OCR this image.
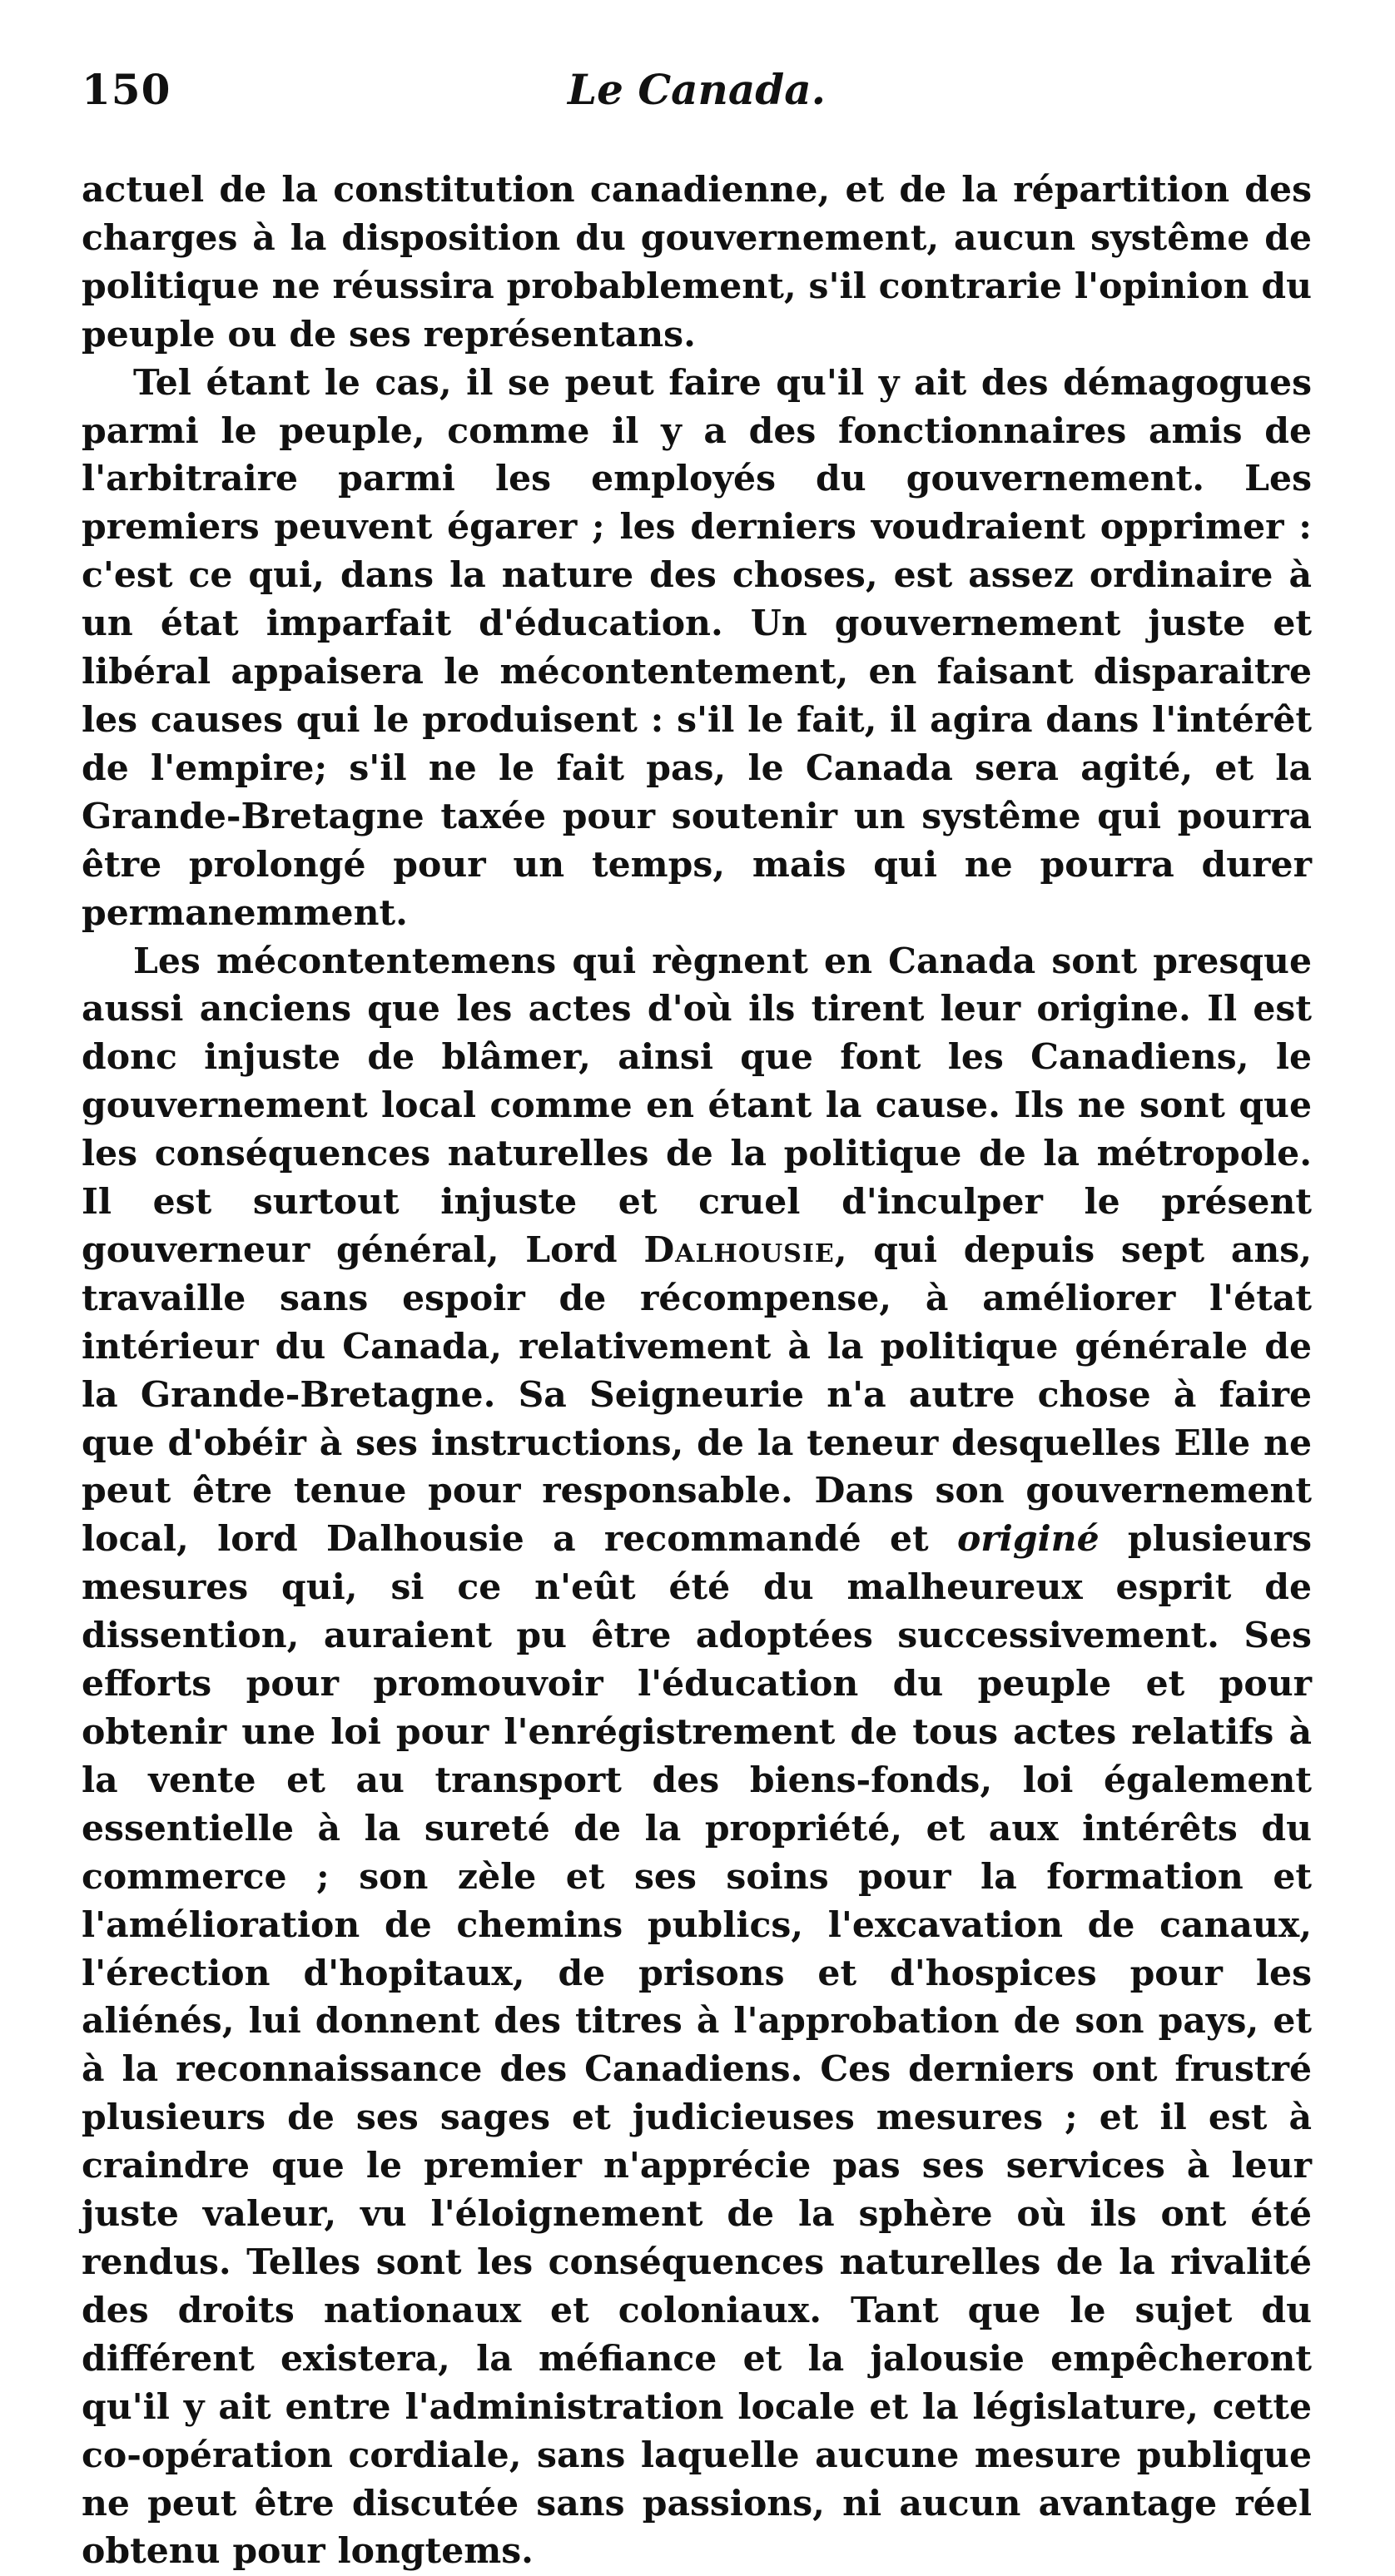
150	Le Canada.

actuel de la constitution canadienne, et de la répartition des charges à la disposition du gouvernement, aucun systême de politique ne réussira probablement, s'il contrarie l'opinion du peuple ou de ses représentans.

Tel étant le cas, il se peut faire qu'il y ait des démagogues parmi le peuple, comme il y a des fonctionnaires amis de l'arbitraire parmi les employés du gouvernement. Les premiers peuvent égarer ; les derniers voudraient opprimer : c'est ce qui, dans la nature des choses, est assez ordinaire à un état imparfait d'éducation. Un gouvernement juste et libéral appaisera le mécontentement, en faisant disparaitre les causes qui le produisent : s'il le fait, il agira dans l'intérêt de l'empire; s'il ne le fait pas, le Canada sera agité, et la Grande-Bretagne taxée pour soutenir un systême qui pourra être prolongé pour un temps, mais qui ne pourra durer permanemment.

Les mécontentemens qui règnent en Canada sont presque aussi anciens que les actes d'où ils tirent leur origine. Il est donc injuste de blâmer, ainsi que font les Canadiens, le gouvernement local comme en étant la cause. Ils ne sont que les conséquences naturelles de la politique de la métropole. Il est surtout injuste et cruel d'inculper le présent gouverneur général, Lord Dalhousie, qui depuis sept ans, travaille sans espoir de récompense, à améliorer l'état intérieur du Canada, relativement à la politique générale de la Grande-Bretagne. Sa Seigneurie n'a autre chose à faire que d'obéir à ses instructions, de la teneur desquelles Elle ne peut être tenue pour responsable. Dans son gouvernement local, lord Dalhousie a recommandé et originé plusieurs mesures qui, si ce n'eût été du malheureux esprit de dissention, auraient pu être adoptées successivement. Ses efforts pour promouvoir l'éducation du peuple et pour obtenir une loi pour l'enrégistrement de tous actes relatifs à la vente et au transport des biens-fonds, loi également essentielle à la sureté de la propriété, et aux intérêts du commerce ; son zèle et ses soins pour la formation et l'amélioration de chemins publics, l'excavation de canaux, l'érection d'hopitaux, de prisons et d'hospices pour les aliénés, lui donnent des titres à l'approbation de son pays, et à la reconnaissance des Canadiens. Ces derniers ont frustré plusieurs de ses sages et judicieuses mesures ; et il est à craindre que le premier n'apprécie pas ses services à leur juste valeur, vu l'éloignement de la sphère où ils ont été rendus. Telles sont les conséquences naturelles de la rivalité des droits nationaux et coloniaux. Tant que le sujet du différent existera, la méfiance et la jalousie empêcheront qu'il y ait entre l'administration locale et la législature, cette co-opération cordiale, sans laquelle aucune mesure publique ne peut être discutée sans passions, ni aucun avantage réel obtenu pour longtems.
